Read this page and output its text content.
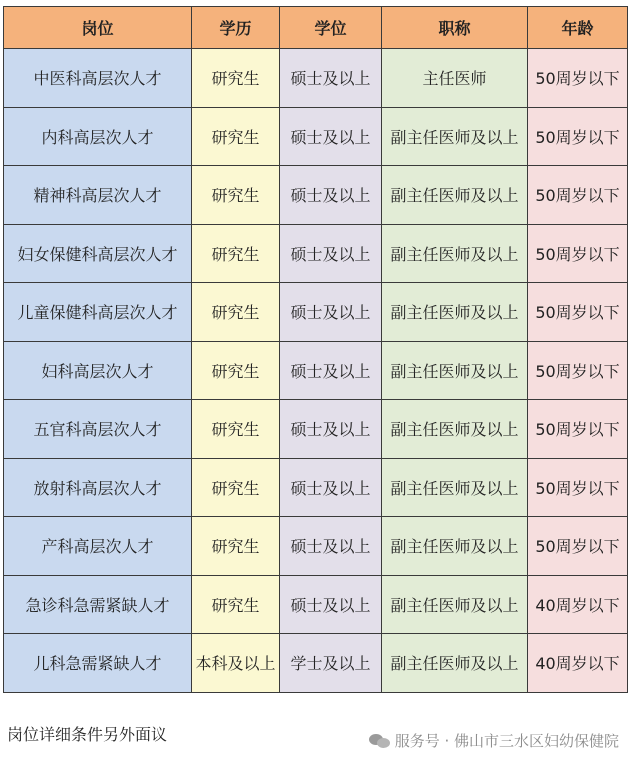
岗位	学历	学位	职称	年龄
中医科高层次人才	研究生	硕士及以上	主任医师	50周岁以下
内科高层次人才	研究生	硕士及以上	副主任医师及以上	50周岁以下
精神科高层次人才	研究生	硕士及以上	副主任医师及以上	50周岁以下
妇女保健科高层次人才	研究生	硕士及以上	副主任医师及以上	50周岁以下
儿童保健科高层次人才	研究生	硕士及以上	副主任医师及以上	50周岁以下
妇科高层次人才	研究生	硕士及以上	副主任医师及以上	50周岁以下
五官科高层次人才	研究生	硕士及以上	副主任医师及以上	50周岁以下
放射科高层次人才	研究生	硕士及以上	副主任医师及以上	50周岁以下
产科高层次人才	研究生	硕士及以上	副主任医师及以上	50周岁以下
急诊科急需紧缺人才	研究生	硕士及以上	副主任医师及以上	40周岁以下
儿科急需紧缺人才	本科及以上	学士及以上	副主任医师及以上	40周岁以下
岗位详细条件另外面议	服务号 · 佛山市三水区妇幼保健院
